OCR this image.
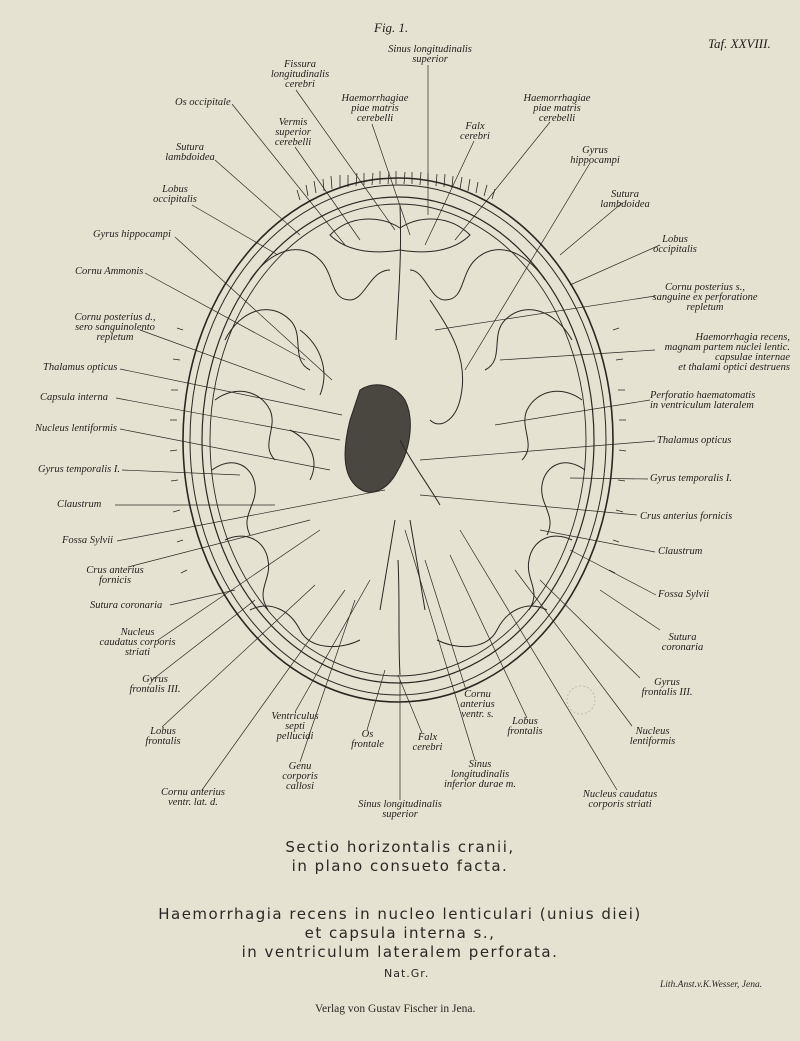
Fig. 1.
Taf. XXVIII.
Sinus longitudinalis
superior
Fissura
longitudinalis
cerebri
Os occipitale	Haemorrhagiae
piae matris
cerebelli
Haemorrhagiae
piae matris
cerebelli
Vermis
superior
cerebelli
Falx
cerebri
Sutura
lambdoidea
Gyrus
hippocampi
Lobus
occipitalis	Sutura
lambdoidea
Gyrus hippocampi	Lobus
occipitalis
Cornu Ammonis
Cornu posterius s.,
sanguine ex perforatione
repletum
Cornu posterius d.,
sero sanguinolento
repletum	Haemorrhagia recens,
magnam partem nuclei lentic.
capsulae internae
et thalami optici destruens
Thalamus opticus
Perforatio haematomatis
in ventriculum lateralem
Capsula interna
Nucleus lentiformis
Thalamus opticus
Gyrus temporalis I.
Gyrus temporalis I.
Claustrum
Crus anterius fornicis
Fossa Sylvii
Claustrum
Crus anterius
fornicis
Fossa Sylvii
Sutura coronaria
Sutura
coronaria
Nucleus
caudatus corporis
striati
Gyrus
frontalis III.
Gyrus
frontalis III.
Cornu
anterius
ventr. s.
Ventriculus
septi
pellucidi
Lobus
frontalis	Nucleus
lentiformis
Lobus
frontalis
Os
frontale
Falx
cerebri
Genu
corporis
callosi
Sinus
longitudinalis
inferior durae m.
Cornu anterius
ventr. lat. d.
Nucleus caudatus
corporis striati
Sinus longitudinalis
superior
Sectio horizontalis cranii,
in plano consueto facta.
Haemorrhagia recens in nucleo lenticulari (unius diei)
et capsula interna s.,
in ventriculum lateralem perforata.
Nat.Gr.
Lith.Anst.v.K.Wesser, Jena.
Verlag von Gustav Fischer in Jena.
